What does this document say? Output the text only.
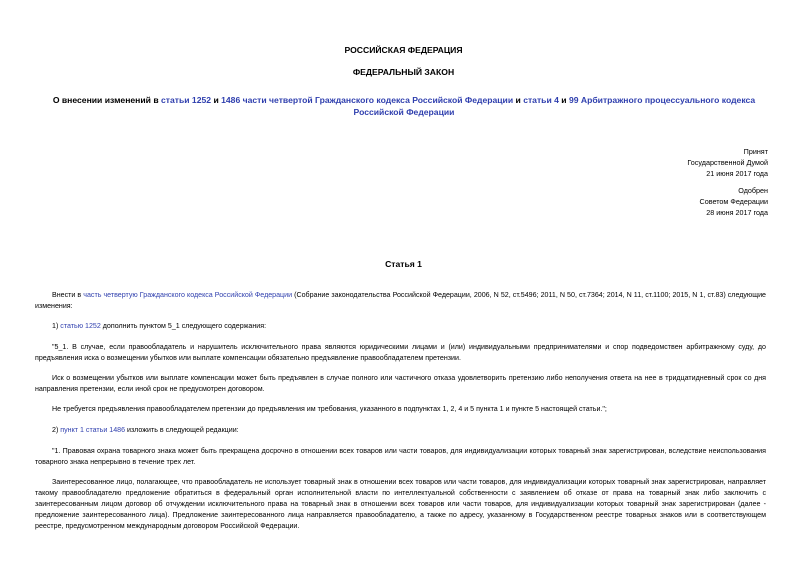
РОССИЙСКАЯ ФЕДЕРАЦИЯ
ФЕДЕРАЛЬНЫЙ ЗАКОН
О внесении изменений в статьи 1252 и 1486 части четвертой Гражданского кодекса Российской Федерации и статьи 4 и 99 Арбитражного процессуального кодекса Российской Федерации
Принят
Государственной Думой
21 июня 2017 года
Одобрен
Советом Федерации
28 июня 2017 года
Статья 1
Внести в часть четвертую Гражданского кодекса Российской Федерации (Собрание законодательства Российской Федерации, 2006, N 52, ст.5496; 2011, N 50, ст.7364; 2014, N 11, ст.1100; 2015, N 1, ст.83) следующие изменения:
1) статью 1252 дополнить пунктом 5_1 следующего содержания:
"5_1. В случае, если правообладатель и нарушитель исключительного права являются юридическими лицами и (или) индивидуальными предпринимателями и спор подведомствен арбитражному суду, до предъявления иска о возмещении убытков или выплате компенсации обязательно предъявление правообладателем претензии.
Иск о возмещении убытков или выплате компенсации может быть предъявлен в случае полного или частичного отказа удовлетворить претензию либо неполучения ответа на нее в тридцатидневный срок со дня направления претензии, если иной срок не предусмотрен договором.
Не требуется предъявления правообладателем претензии до предъявления им требования, указанного в подпунктах 1, 2, 4 и 5 пункта 1 и пункте 5 настоящей статьи.";
2) пункт 1 статьи 1486 изложить в следующей редакции:
"1. Правовая охрана товарного знака может быть прекращена досрочно в отношении всех товаров или части товаров, для индивидуализации которых товарный знак зарегистрирован, вследствие неиспользования товарного знака непрерывно в течение трех лет.
Заинтересованное лицо, полагающее, что правообладатель не использует товарный знак в отношении всех товаров или части товаров, для индивидуализации которых товарный знак зарегистрирован, направляет такому правообладателю предложение обратиться в федеральный орган исполнительной власти по интеллектуальной собственности с заявлением об отказе от права на товарный знак либо заключить с заинтересованным лицом договор об отчуждении исключительного права на товарный знак в отношении всех товаров или части товаров, для индивидуализации которых товарный знак зарегистрирован (далее - предложение заинтересованного лица). Предложение заинтересованного лица направляется правообладателю, а также по адресу, указанному в Государственном реестре товарных знаков или в соответствующем реестре, предусмотренном международным договором Российской Федерации.
